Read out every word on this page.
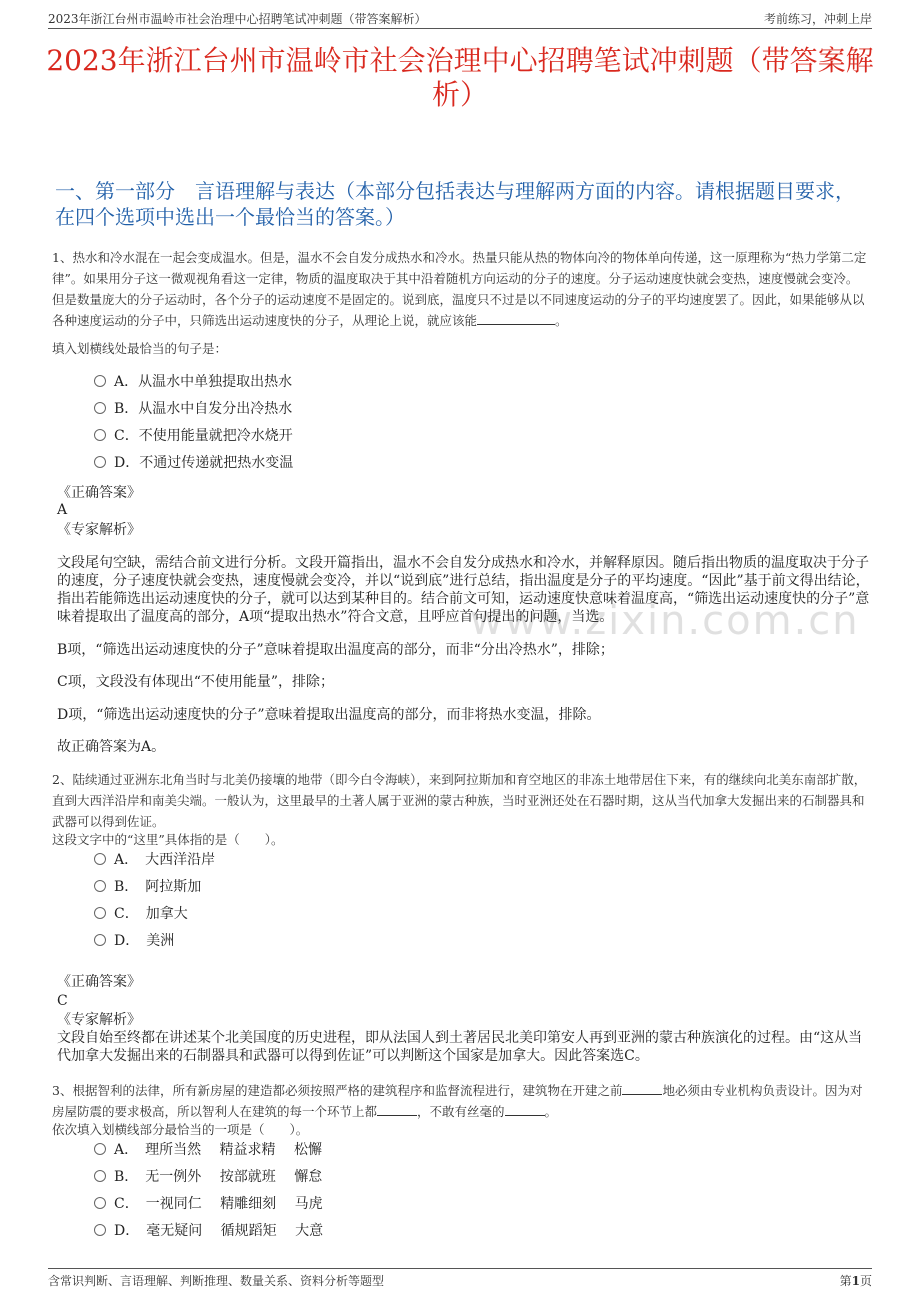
2023年浙江台州市温岭市社会治理中心招聘笔试冲刺题（带答案解析）	考前练习，冲刺上岸
2023年浙江台州市温岭市社会治理中心招聘笔试冲刺题（带答案解析）
一、第一部分　言语理解与表达（本部分包括表达与理解两方面的内容。请根据题目要求，在四个选项中选出一个最恰当的答案。）
www.zixin.com.cn
1、热水和冷水混在一起会变成温水。但是，温水不会自发分成热水和冷水。热量只能从热的物体向冷的物体单向传递，这一原理称为“热力学第二定律”。如果用分子这一微观视角看这一定律，物质的温度取决于其中沿着随机方向运动的分子的速度。分子运动速度快就会变热，速度慢就会变冷。但是数量庞大的分子运动时，各个分子的运动速度不是固定的。说到底，温度只不过是以不同速度运动的分子的平均速度罢了。因此，如果能够从以各种速度运动的分子中，只筛选出运动速度快的分子，从理论上说，就应该能	。
填入划横线处最恰当的句子是：
A．从温水中单独提取出热水
B．从温水中自发分出冷热水
C．不使用能量就把冷水烧开
D．不通过传递就把热水变温
《正确答案》
A
《专家解析》
文段尾句空缺，需结合前文进行分析。文段开篇指出，温水不会自发分成热水和冷水，并解释原因。随后指出物质的温度取决于分子的速度，分子速度快就会变热，速度慢就会变冷，并以“说到底”进行总结，指出温度是分子的平均速度。“因此”基于前文得出结论，指出若能筛选出运动速度快的分子，就可以达到某种目的。结合前文可知，运动速度快意味着温度高，“筛选出运动速度快的分子”意味着提取出了温度高的部分，A项“提取出热水”符合文意，且呼应首句提出的问题，当选。
B项，“筛选出运动速度快的分子”意味着提取出温度高的部分，而非“分出冷热水”，排除；
C项，文段没有体现出“不使用能量”，排除；
D项，“筛选出运动速度快的分子”意味着提取出温度高的部分，而非将热水变温，排除。
故正确答案为A。
2、陆续通过亚洲东北角当时与北美仍接壤的地带（即今白令海峡），来到阿拉斯加和育空地区的非冻土地带居住下来，有的继续向北美东南部扩散，直到大西洋沿岸和南美尖端。一般认为，这里最早的土著人属于亚洲的蒙古种族，当时亚洲还处在石器时期，这从当代加拿大发掘出来的石制器具和武器可以得到佐证。
这段文字中的“这里”具体指的是（　　）。
A．　大西洋沿岸
B．　阿拉斯加
C．　加拿大
D．　美洲
《正确答案》
C
《专家解析》
文段自始至终都在讲述某个北美国度的历史进程，即从法国人到土著居民北美印第安人再到亚洲的蒙古种族演化的过程。由“这从当代加拿大发掘出来的石制器具和武器可以得到佐证”可以判断这个国家是加拿大。因此答案选C。
3、根据智利的法律，所有新房屋的建造都必须按照严格的建筑程序和监督流程进行，建筑物在开建之前	地必须由专业机构负责设计。因为对房屋防震的要求极高，所以智利人在建筑的每一个环节上都	，不敢有丝毫的	。
依次填入划横线部分最恰当的一项是（　　）。
A．　理所当然　 精益求精　 松懈
B．　无一例外　 按部就班　 懈怠
C．　一视同仁　 精雕细刻　 马虎
D．　毫无疑问　 循规蹈矩　 大意
含常识判断、言语理解、判断推理、数量关系、资料分析等题型	第1页
